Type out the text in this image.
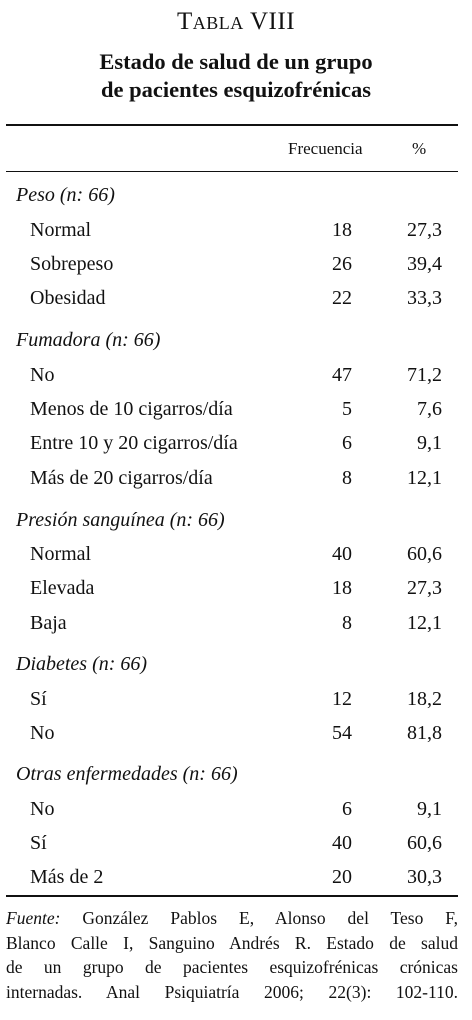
Tabla VIII
Estado de salud de un grupo
de pacientes esquizofrénicas
Frecuencia	%
Peso (n: 66)
Normal	18	27,3
Sobrepeso	26	39,4
Obesidad	22	33,3
Fumadora (n: 66)
No	47	71,2
Menos de 10 cigarros/día	5	7,6
Entre 10 y 20 cigarros/día	6	9,1
Más de 20 cigarros/día	8	12,1
Presión sanguínea (n: 66)
Normal	40	60,6
Elevada	18	27,3
Baja	8	12,1
Diabetes (n: 66)
Sí	12	18,2
No	54	81,8
Otras enfermedades (n: 66)
No	6	9,1
Sí	40	60,6
Más de 2	20	30,3
Fuente: González Pablos E, Alonso del Teso F,
Blanco Calle I, Sanguino Andrés R. Estado de salud
de un grupo de pacientes esquizofrénicas crónicas
internadas. Anal Psiquiatría 2006; 22(3): 102-110.
